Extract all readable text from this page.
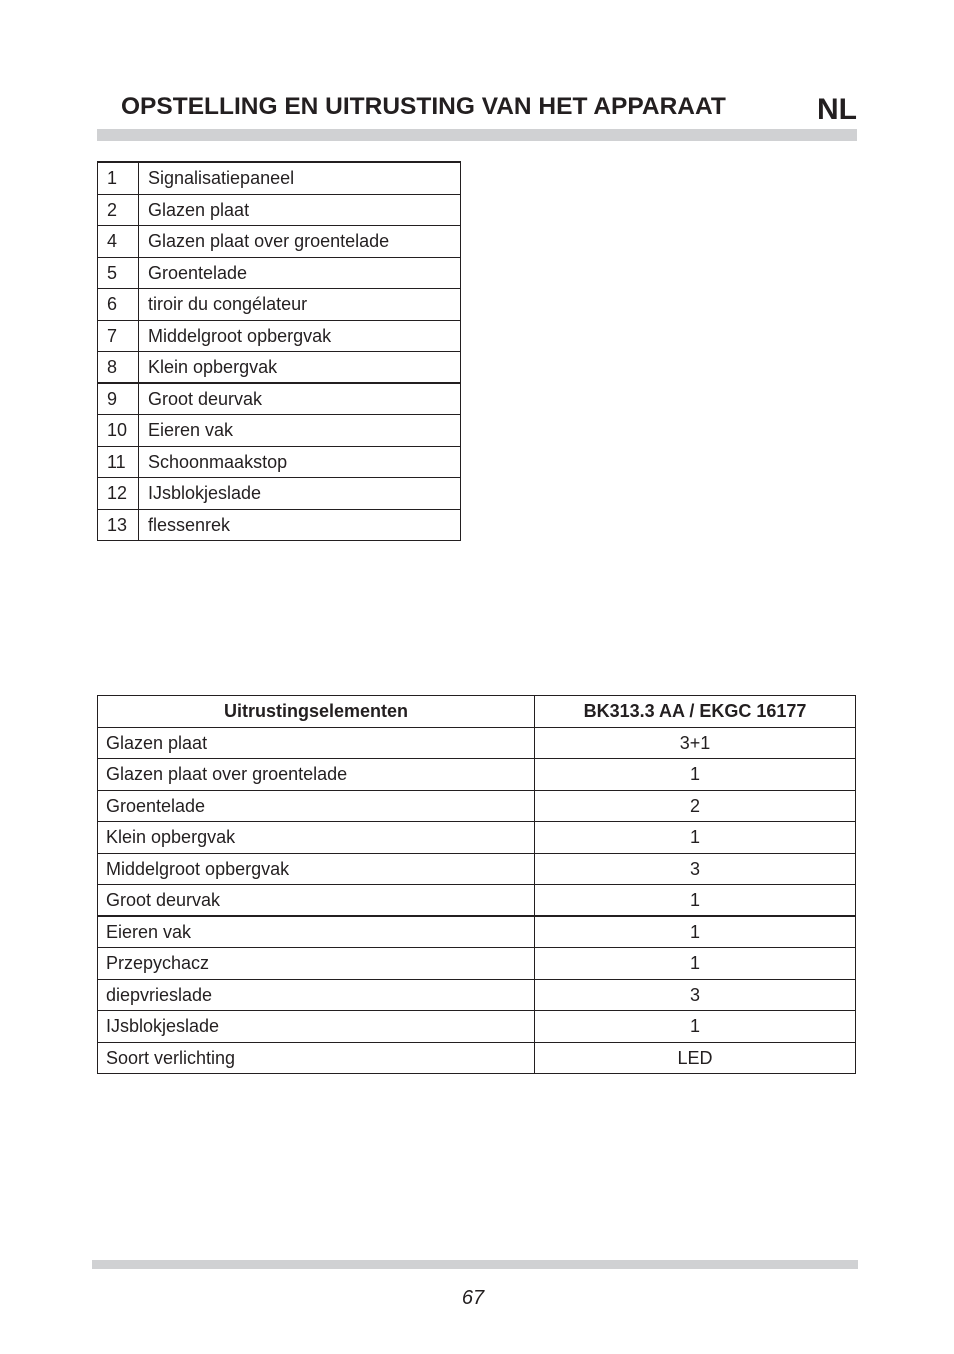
OPSTELLING EN UITRUSTING VAN HET APPARAAT	NL
1	Signalisatiepaneel
2	Glazen plaat
4	Glazen plaat over groentelade
5	Groentelade
6	tiroir du congélateur
7	Middelgroot opbergvak
8	Klein opbergvak
9	Groot deurvak
10	Eieren vak
11	Schoonmaakstop
12	IJsblokjeslade
13	flessenrek
Uitrustingselementen	BK313.3 AA / EKGC 16177
Glazen plaat	3+1
Glazen plaat over groentelade	1
Groentelade	2
Klein opbergvak	1
Middelgroot opbergvak	3
Groot deurvak	1
Eieren vak	1
Przepychacz	1
diepvrieslade	3
IJsblokjeslade	1
Soort verlichting	LED
67
